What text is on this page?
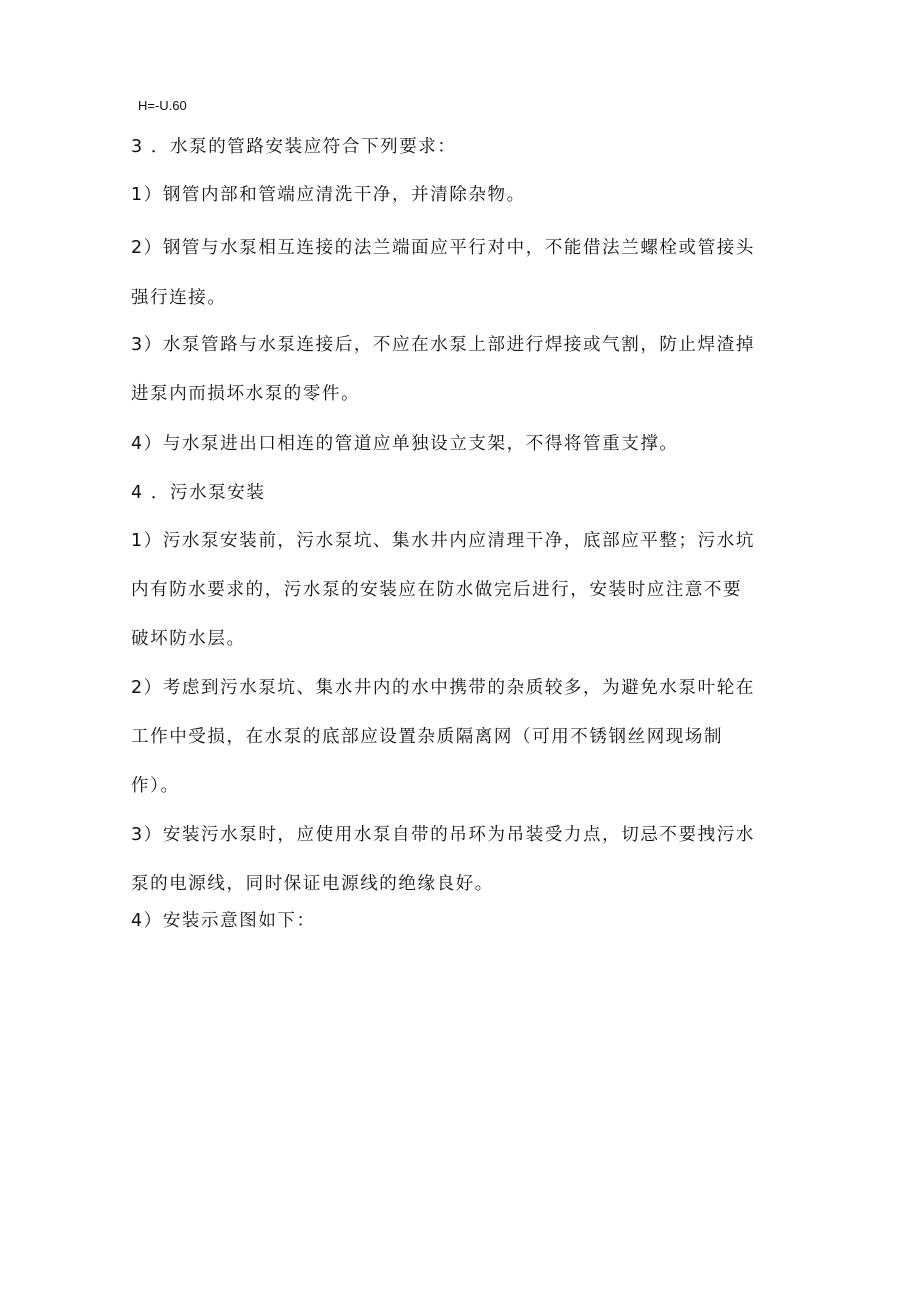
H=-U.60
3 ．水泵的管路安装应符合下列要求：
1）钢管内部和管端应清洗干净，并清除杂物。
2）钢管与水泵相互连接的法兰端面应平行对中，不能借法兰螺栓或管接头
强行连接。
3）水泵管路与水泵连接后，不应在水泵上部进行焊接或气割，防止焊渣掉
进泵内而损坏水泵的零件。
4）与水泵进出口相连的管道应单独设立支架，不得将管重支撑。
4 ．污水泵安装
1）污水泵安装前，污水泵坑、集水井内应清理干净，底部应平整；污水坑
内有防水要求的，污水泵的安装应在防水做完后进行，安装时应注意不要
破坏防水层。
2）考虑到污水泵坑、集水井内的水中携带的杂质较多，为避免水泵叶轮在
工作中受损，在水泵的底部应设置杂质隔离网（可用不锈钢丝网现场制
作）。
3）安装污水泵时，应使用水泵自带的吊环为吊装受力点，切忌不要拽污水
泵的电源线，同时保证电源线的绝缘良好。
4）安装示意图如下：
